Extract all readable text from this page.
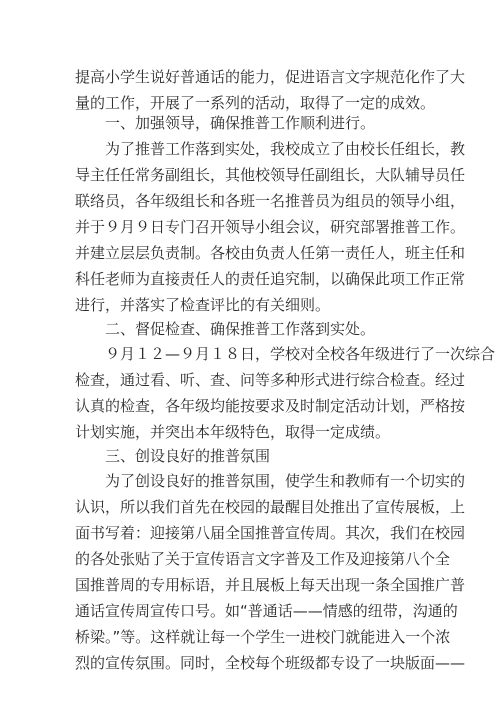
提高小学生说好普通话的能力，促进语言文字规范化作了大
量的工作，开展了一系列的活动，取得了一定的成效。
一、加强领导，确保推普工作顺利进行。
为了推普工作落到实处，我校成立了由校长任组长，教
导主任任常务副组长，其他校领导任副组长，大队辅导员任
联络员，各年级组长和各班一名推普员为组员的领导小组，
并于９月９日专门召开领导小组会议，研究部署推普工作。
并建立层层负责制。各校由负责人任第一责任人，班主任和
科任老师为直接责任人的责任追究制，以确保此项工作正常
进行，并落实了检查评比的有关细则。
二、督促检查、确保推普工作落到实处。
９月１２—９月１８日，学校对全校各年级进行了一次综合
检查，通过看、听、查、问等多种形式进行综合检查。经过
认真的检查，各年级均能按要求及时制定活动计划，严格按
计划实施，并突出本年级特色，取得一定成绩。
三、创设良好的推普氛围
为了创设良好的推普氛围，使学生和教师有一个切实的
认识，所以我们首先在校园的最醒目处推出了宣传展板，上
面书写着：迎接第八届全国推普宣传周。其次，我们在校园
的各处张贴了关于宣传语言文字普及工作及迎接第八个全
国推普周的专用标语，并且展板上每天出现一条全国推广普
通话宣传周宣传口号。如“普通话——情感的纽带，沟通的
桥梁。”等。这样就让每一个学生一进校门就能进入一个浓
烈的宣传氛围。同时，全校每个班级都专设了一块版面——
